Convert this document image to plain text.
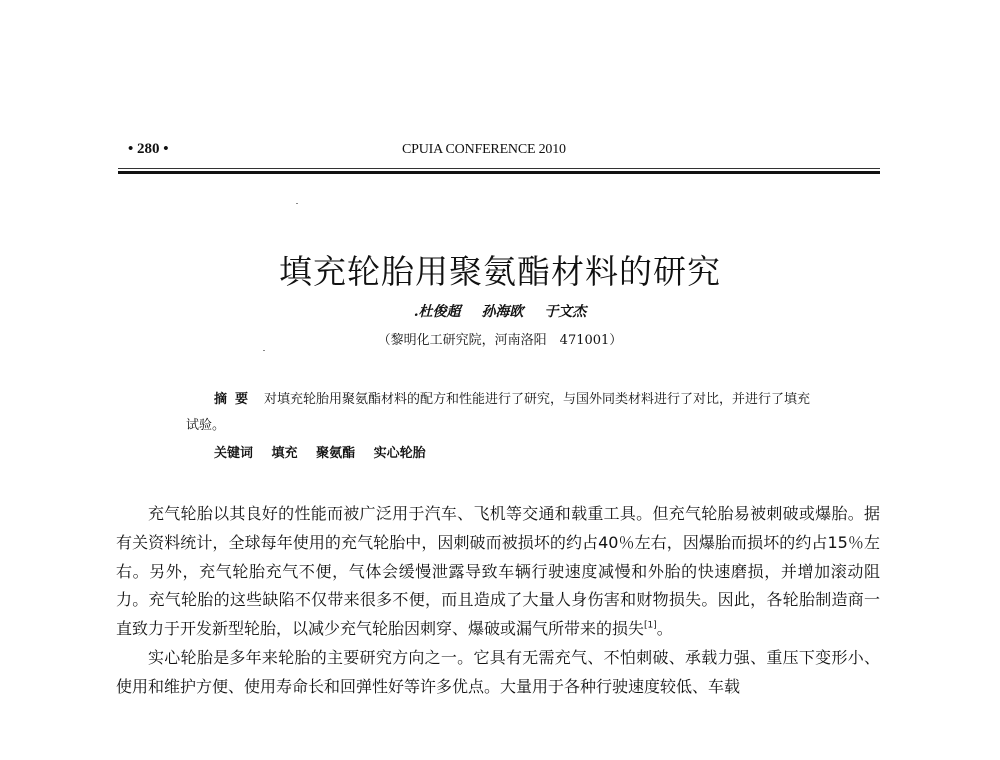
• 280 •	CPUIA CONFERENCE 2010
填充轮胎用聚氨酯材料的研究
.杜俊超 孙海欧 于文杰
（黎明化工研究院，河南洛阳　471001）
摘要 对填充轮胎用聚氨酯材料的配方和性能进行了研究，与国外同类材料进行了对比，并进行了填充试验。
关键词 填充 聚氨酯 实心轮胎

充气轮胎以其良好的性能而被广泛用于汽车、飞机等交通和载重工具。但充气轮胎易被刺破或爆胎。据有关资料统计，全球每年使用的充气轮胎中，因刺破而被损坏的约占40％左右，因爆胎而损坏的约占15％左右。另外，充气轮胎充气不便，气体会缓慢泄露导致车辆行驶速度减慢和外胎的快速磨损，并增加滚动阻力。充气轮胎的这些缺陷不仅带来很多不便，而且造成了大量人身伤害和财物损失。因此，各轮胎制造商一直致力于开发新型轮胎，以减少充气轮胎因刺穿、爆破或漏气所带来的损失[1]。

实心轮胎是多年来轮胎的主要研究方向之一。它具有无需充气、不怕刺破、承载力强、重压下变形小、使用和维护方便、使用寿命长和回弹性好等许多优点。大量用于各种行驶速度较低、车载
